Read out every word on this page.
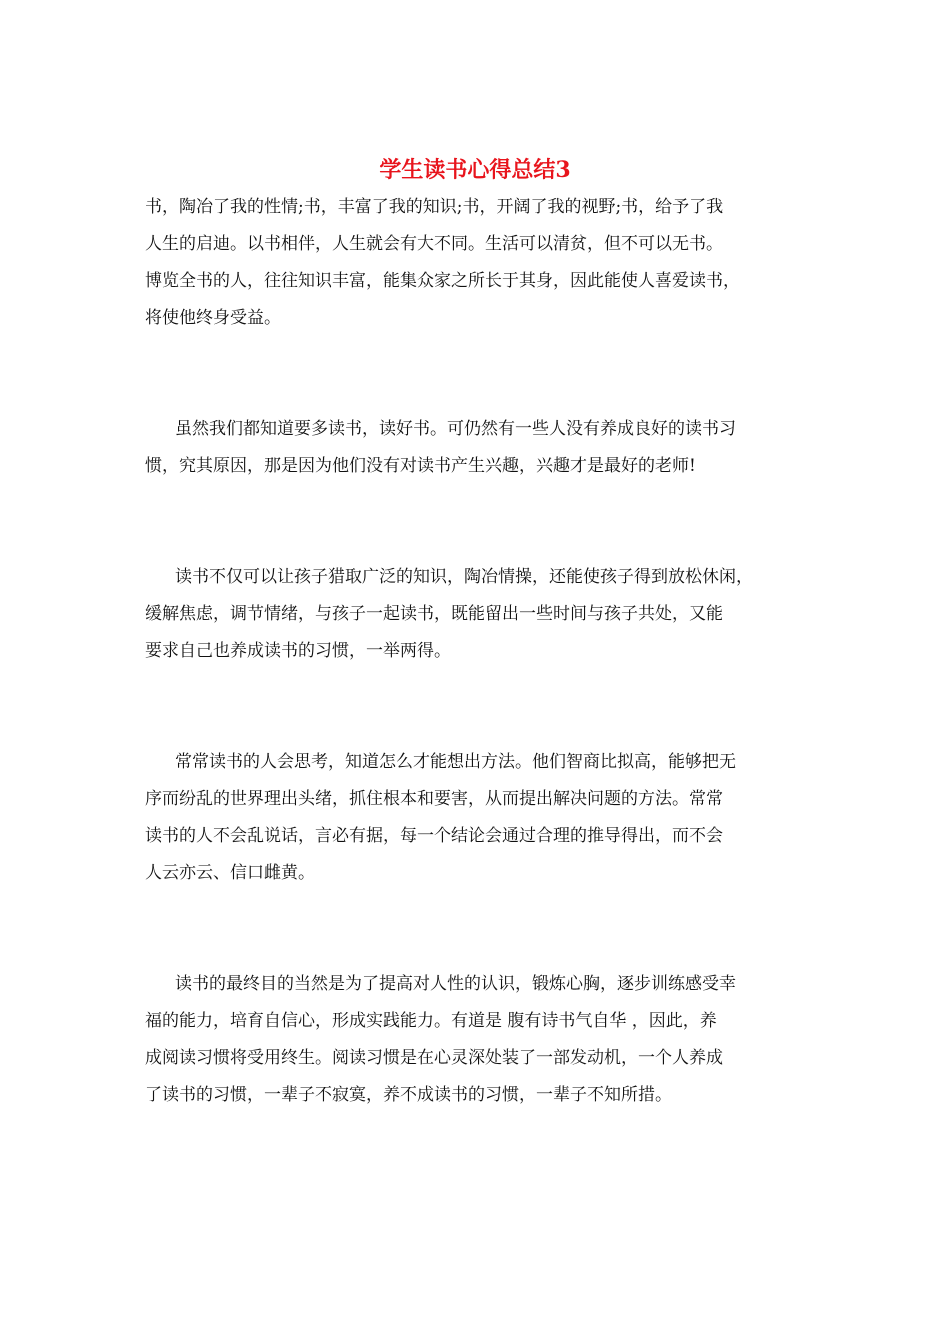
学生读书心得总结3
书，陶冶了我的性情;书，丰富了我的知识;书，开阔了我的视野;书，给予了我
人生的启迪。以书相伴，人生就会有大不同。生活可以清贫，但不可以无书。
博览全书的人，往往知识丰富，能集众家之所长于其身，因此能使人喜爱读书，
将使他终身受益。
虽然我们都知道要多读书，读好书。可仍然有一些人没有养成良好的读书习
惯，究其原因，那是因为他们没有对读书产生兴趣，兴趣才是最好的老师!
读书不仅可以让孩子猎取广泛的知识，陶冶情操，还能使孩子得到放松休闲，
缓解焦虑，调节情绪，与孩子一起读书，既能留出一些时间与孩子共处，又能
要求自己也养成读书的习惯，一举两得。
常常读书的人会思考，知道怎么才能想出方法。他们智商比拟高，能够把无
序而纷乱的世界理出头绪，抓住根本和要害，从而提出解决问题的方法。常常
读书的人不会乱说话，言必有据，每一个结论会通过合理的推导得出，而不会
人云亦云、信口雌黄。
读书的最终目的当然是为了提高对人性的认识，锻炼心胸，逐步训练感受幸
福的能力，培育自信心，形成实践能力。有道是 腹有诗书气自华 ，因此，养
成阅读习惯将受用终生。阅读习惯是在心灵深处装了一部发动机，一个人养成
了读书的习惯，一辈子不寂寞，养不成读书的习惯，一辈子不知所措。
